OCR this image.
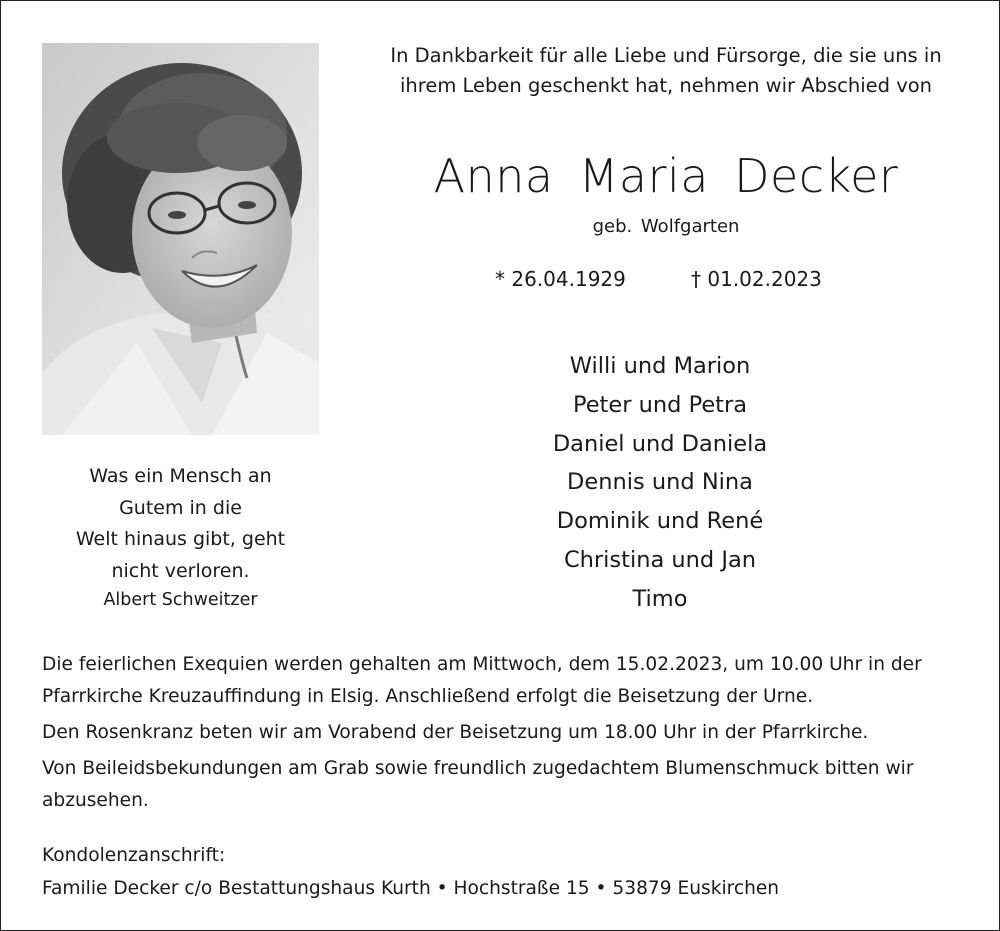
In Dankbarkeit für alle Liebe und Fürsorge, die sie uns in
ihrem Leben geschenkt hat, nehmen wir Abschied von
Anna Maria Decker
geb. Wolfgarten
* 26.04.1929	† 01.02.2023
Willi und Marion
Peter und Petra
Daniel und Daniela
Dennis und Nina
Dominik und René
Christina und Jan
Timo
Was ein Mensch an
Gutem in die
Welt hinaus gibt, geht
nicht verloren.
Albert Schweitzer
Die feierlichen Exequien werden gehalten am Mittwoch, dem 15.02.2023, um 10.00 Uhr in der Pfarrkirche Kreuzauffindung in Elsig. Anschließend erfolgt die Beisetzung der Urne.
Den Rosenkranz beten wir am Vorabend der Beisetzung um 18.00 Uhr in der Pfarrkirche.
Von Beileidsbekundungen am Grab sowie freundlich zugedachtem Blumenschmuck bitten wir abzusehen.
Kondolenzanschrift:
Familie Decker c/o Bestattungshaus Kurth • Hochstraße 15 • 53879 Euskirchen
